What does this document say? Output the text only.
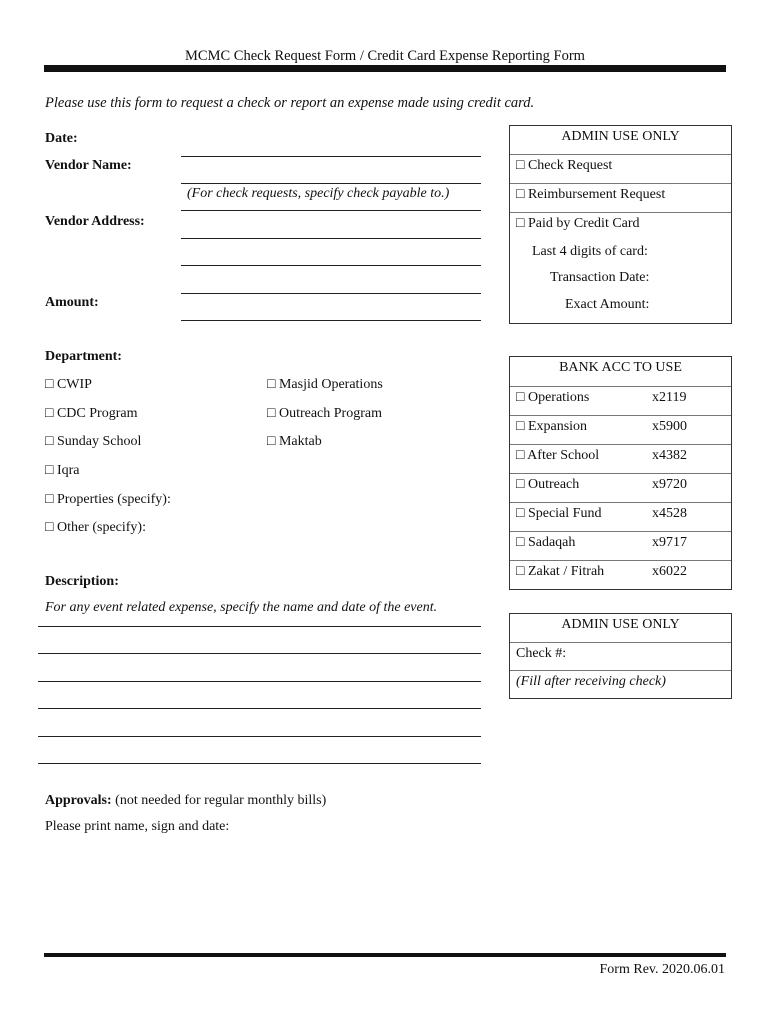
MCMC Check Request Form / Credit Card Expense Reporting Form
Please use this form to request a check or report an expense made using credit card.
Date:
Vendor Name:
(For check requests, specify check payable to.)
Vendor Address:
Amount:
ADMIN USE ONLY
□ Check Request
□ Reimbursement Request
□ Paid by Credit Card
Last 4 digits of card:
Transaction Date:
Exact Amount:
Department:
□ CWIP
□ CDC Program
□ Sunday School
□ Iqra
□ Properties (specify):
□ Other (specify):
□ Masjid Operations
□ Outreach Program
□ Maktab
BANK ACC TO USE
□ Operations	x2119
□ Expansion	x5900
□ After School	x4382
□ Outreach	x9720
□ Special Fund	x4528
□ Sadaqah	x9717
□ Zakat / Fitrah	x6022
Description:
For any event related expense, specify the name and date of the event.
ADMIN USE ONLY
Check #:
(Fill after receiving check)
Approvals: (not needed for regular monthly bills)
Please print name, sign and date:
Form Rev. 2020.06.01
